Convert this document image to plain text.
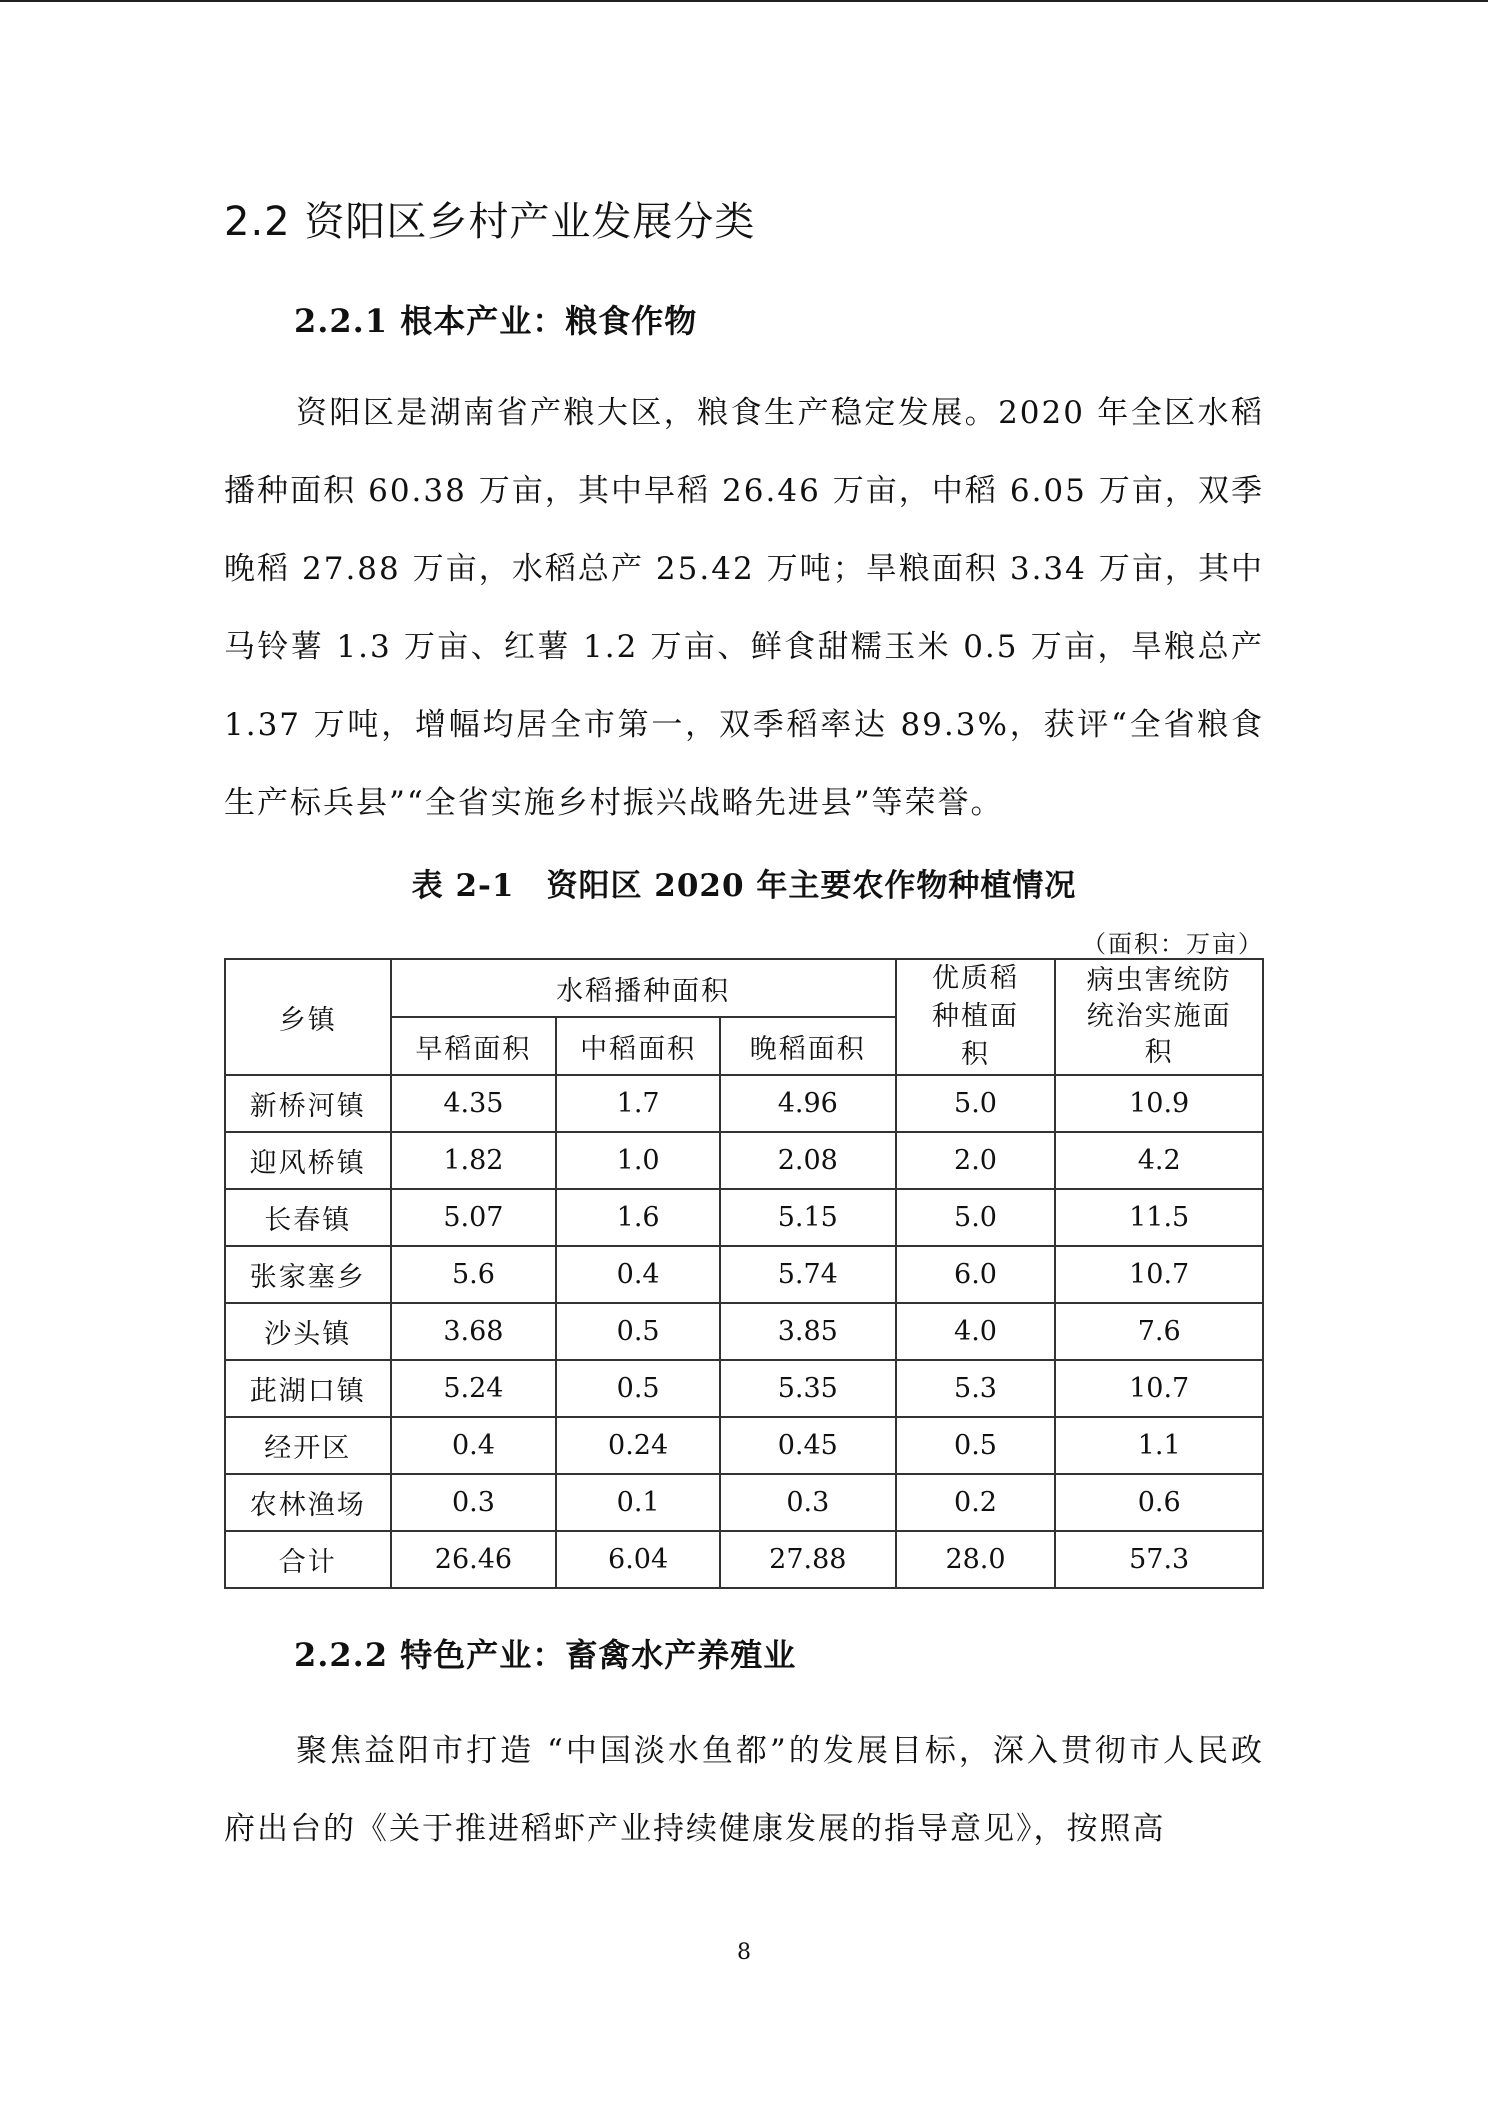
2.2 资阳区乡村产业发展分类
2.2.1 根本产业：粮食作物

资阳区是湖南省产粮大区，粮食生产稳定发展。2020 年全区水稻播种面积 60.38 万亩，其中早稻 26.46 万亩，中稻 6.05 万亩，双季晚稻 27.88 万亩，水稻总产 25.42 万吨；旱粮面积 3.34 万亩，其中马铃薯 1.3 万亩、红薯 1.2 万亩、鲜食甜糯玉米 0.5 万亩，旱粮总产 1.37 万吨，增幅均居全市第一，双季稻率达 89.3%，获评“全省粮食生产标兵县”“全省实施乡村振兴战略先进县”等荣誉。

表 2-1　资阳区 2020 年主要农作物种植情况
（面积：万亩）
乡镇	水稻播种面积			优质稻种植面积	病虫害统防统治实施面积
	早稻面积	中稻面积	晚稻面积		
新桥河镇	4.35	1.7	4.96	5.0	10.9
迎风桥镇	1.82	1.0	2.08	2.0	4.2
长春镇	5.07	1.6	5.15	5.0	11.5
张家塞乡	5.6	0.4	5.74	6.0	10.7
沙头镇	3.68	0.5	3.85	4.0	7.6
茈湖口镇	5.24	0.5	5.35	5.3	10.7
经开区	0.4	0.24	0.45	0.5	1.1
农林渔场	0.3	0.1	0.3	0.2	0.6
合计	26.46	6.04	27.88	28.0	57.3
2.2.2 特色产业：畜禽水产养殖业

聚焦益阳市打造 “中国淡水鱼都”的发展目标，深入贯彻市人民政府出台的《关于推进稻虾产业持续健康发展的指导意见》，按照高

8
